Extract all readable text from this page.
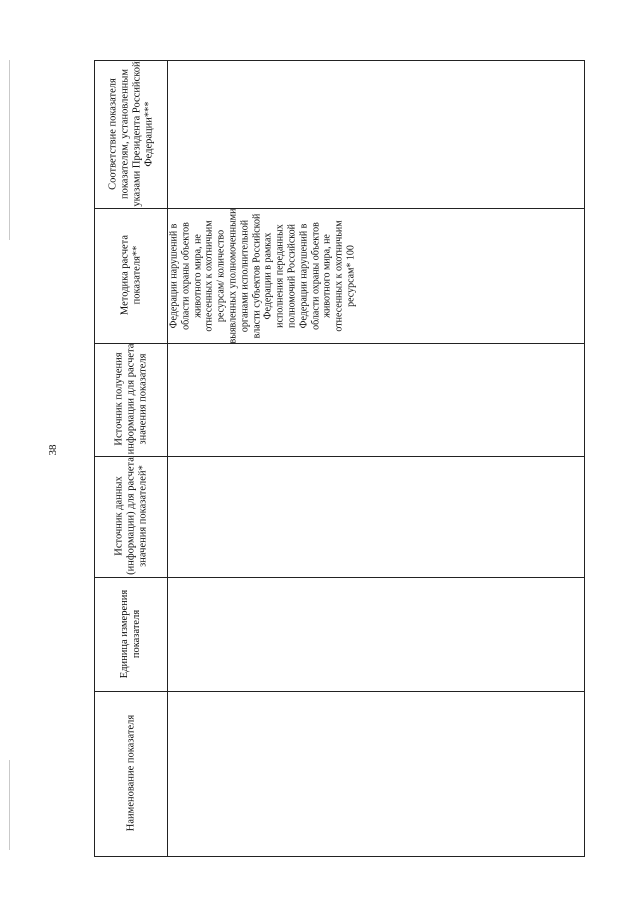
38
Соответствие показателя показателям, установленным указами Президента Российской Федерации***
Методика расчета показателя**
Источник получения информации для расчета значения показателя
Источник данных (информации) для расчета значения показателей*
Единица измерения показателя
Наименование показателя
Федерации нарушений в области охраны объектов животного мира, не отнесенных к охотничьим ресурсам/ количество выявленных уполномоченными органами исполнительной власти субъектов Российской Федерации в рамках исполнения переданных полномочий Российской Федерации нарушений в области охраны объектов животного мира, не отнесенных к охотничьим ресурсам* 100
